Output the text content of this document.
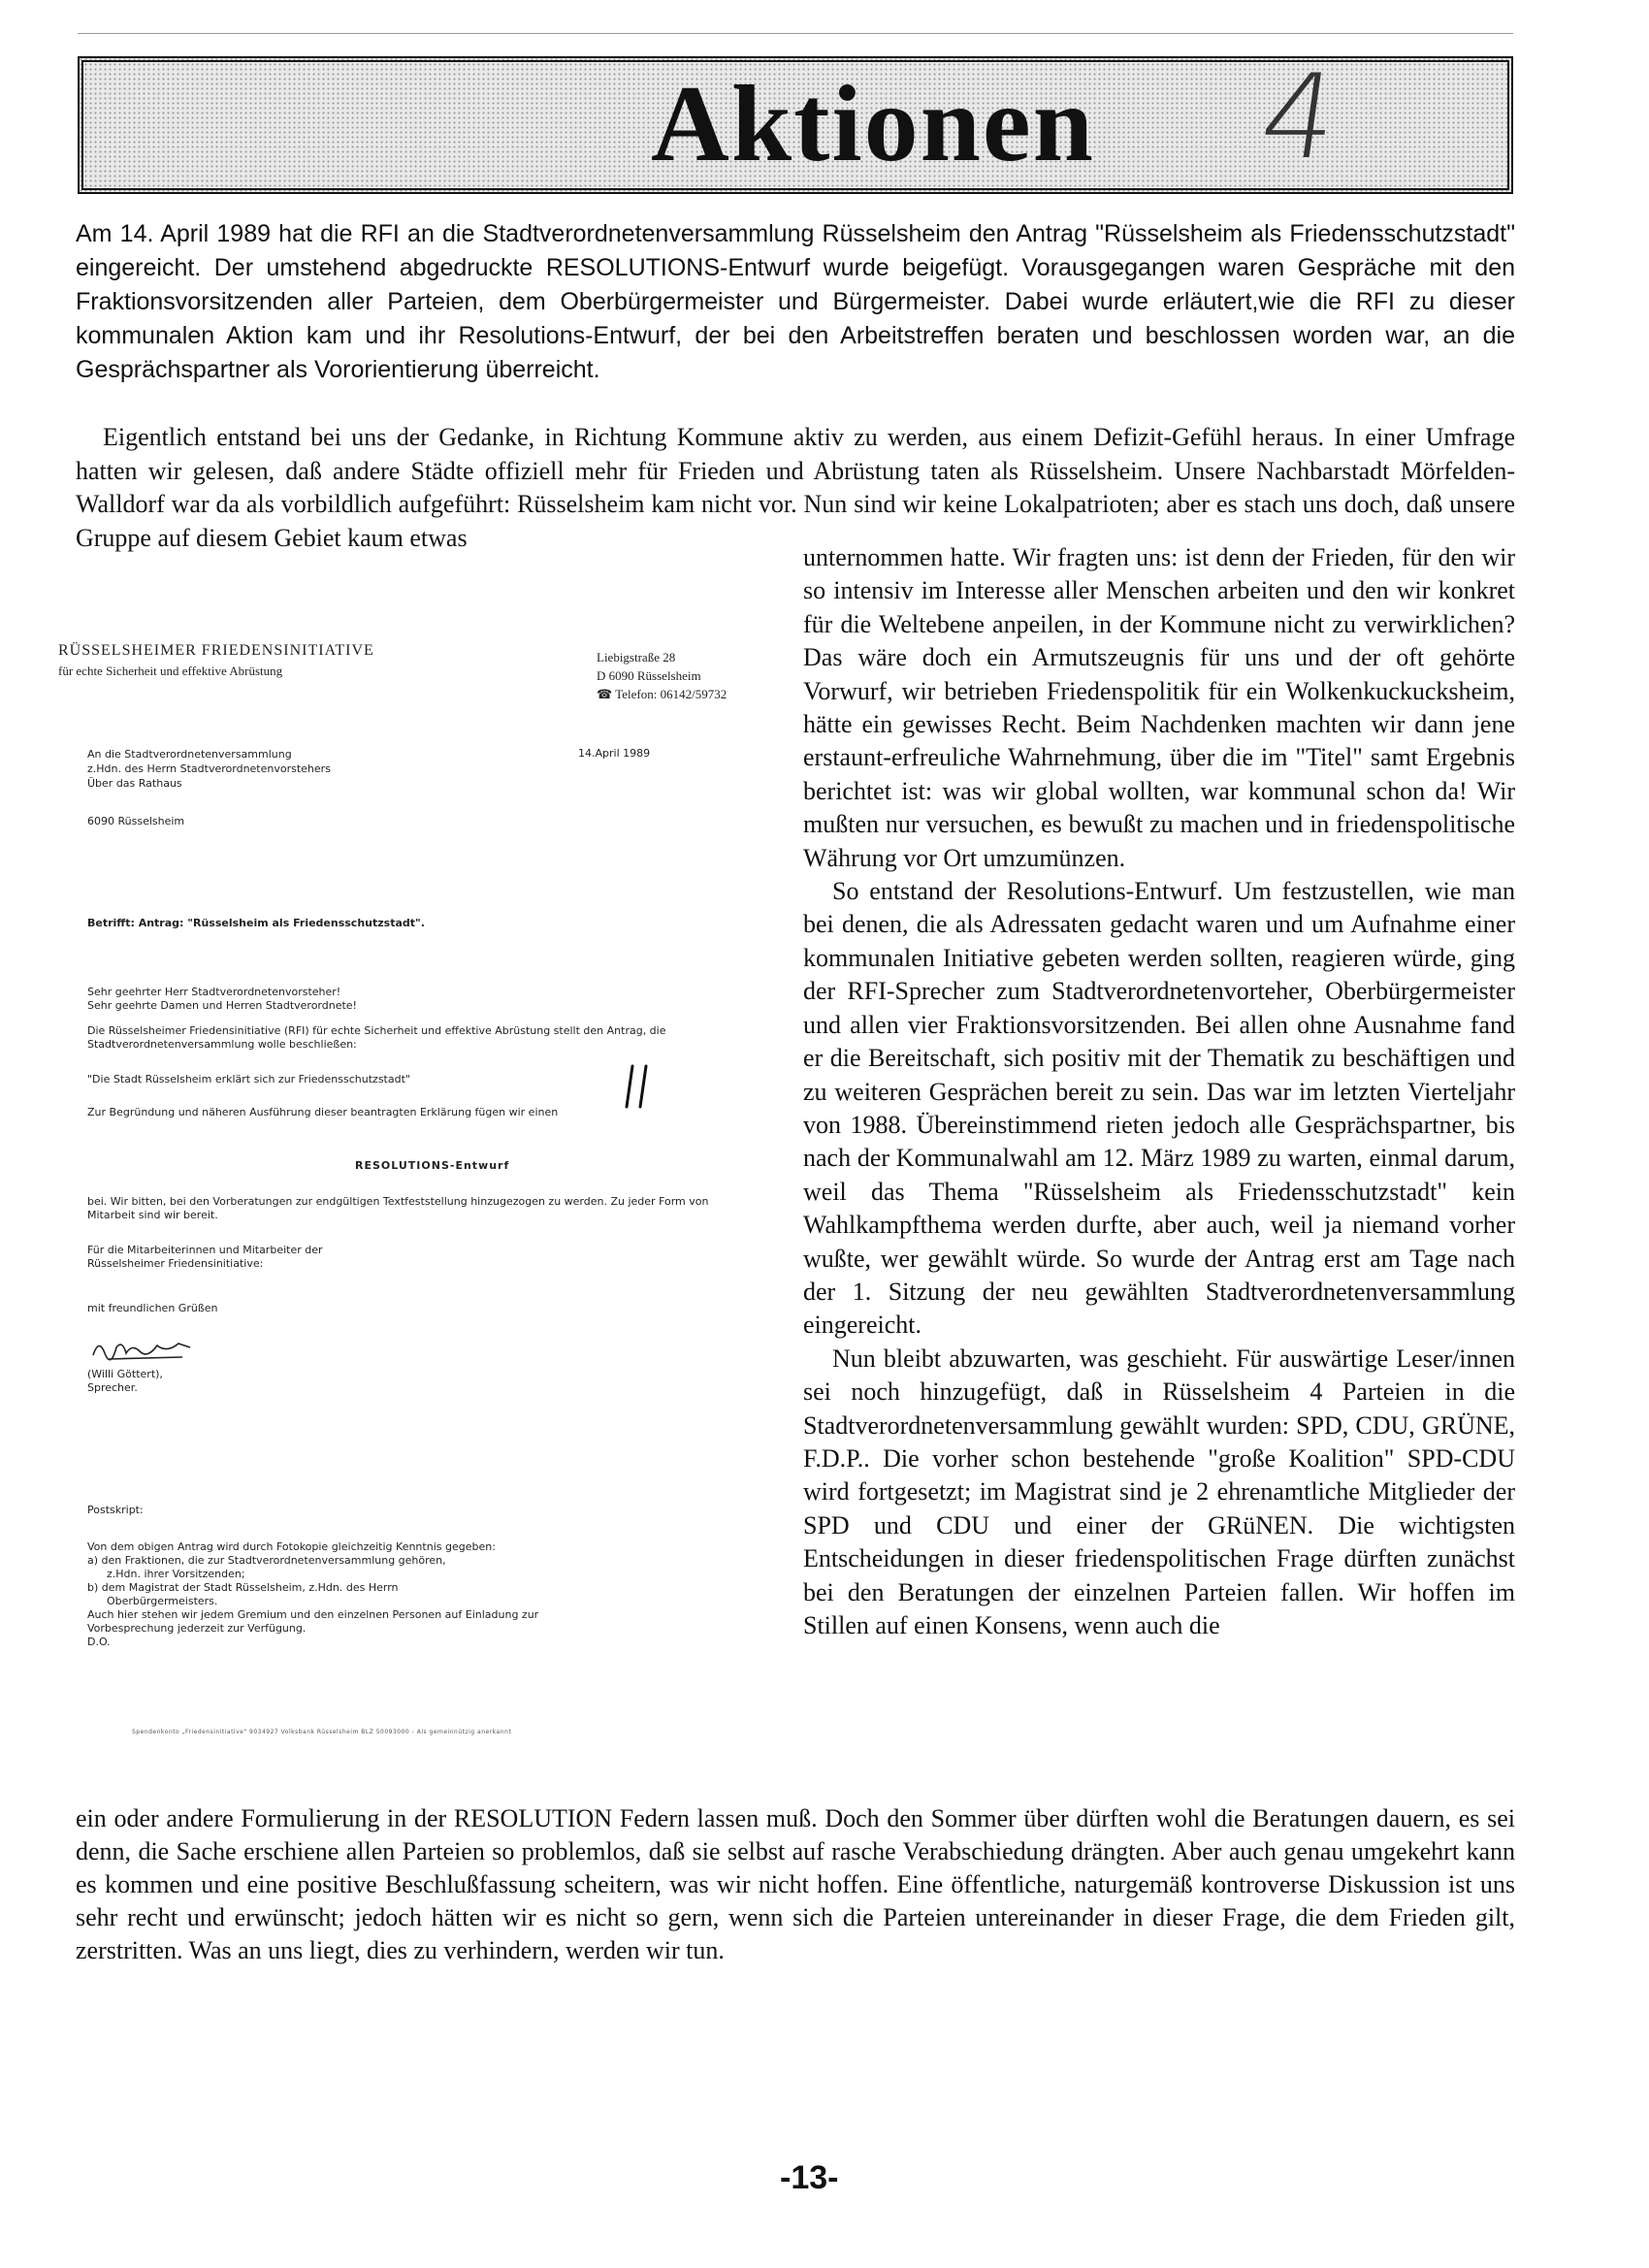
Aktionen 4

Am 14. April 1989 hat die RFI an die Stadtverordnetenversammlung Rüsselsheim den Antrag "Rüsselsheim als Friedensschutzstadt" eingereicht. Der umstehend abgedruckte RESOLUTIONS-Entwurf wurde beigefügt. Vorausgegangen waren Gespräche mit den Fraktionsvorsitzenden aller Parteien, dem Oberbürgermeister und Bürgermeister. Dabei wurde erläutert,wie die RFI zu dieser kommunalen Aktion kam und ihr Resolutions-Entwurf, der bei den Arbeitstreffen beraten und beschlossen worden war, an die Gesprächspartner als Vororientierung überreicht.

Eigentlich entstand bei uns der Gedanke, in Richtung Kommune aktiv zu werden, aus einem Defizit-Gefühl heraus. In einer Umfrage hatten wir gelesen, daß andere Städte offiziell mehr für Frieden und Abrüstung taten als Rüsselsheim. Unsere Nachbarstadt Mörfelden-Walldorf war da als vorbildlich aufgeführt: Rüsselsheim kam nicht vor. Nun sind wir keine Lokalpatrioten; aber es stach uns doch, daß unsere Gruppe auf diesem Gebiet kaum etwas

RÜSSELSHEIMER FRIEDENSINITIATIVE
für echte Sicherheit und effektive Abrüstung
Liebigstraße 28
D 6090 Rüsselsheim
☎ Telefon: 06142/59732
An die Stadtverordnetenversammlung
z.Hdn. des Herrn Stadtverordnetenvorstehers
Über das Rathaus
14.April 1989
6090 Rüsselsheim
Betrifft: Antrag: "Rüsselsheim als Friedensschutzstadt".
Sehr geehrter Herr Stadtverordnetenvorsteher!
Sehr geehrte Damen und Herren Stadtverordnete!
Die Rüsselsheimer Friedensinitiative (RFI) für echte Sicherheit und effektive Abrüstung stellt den Antrag, die Stadtverordnetenversammlung wolle beschließen:
"Die Stadt Rüsselsheim erklärt sich zur Friedensschutzstadt"
Zur Begründung und näheren Ausführung dieser beantragten Erklärung fügen wir einen
RESOLUTIONS-Entwurf
bei. Wir bitten, bei den Vorberatungen zur endgültigen Textfeststellung hinzugezogen zu werden. Zu jeder Form von Mitarbeit sind wir bereit.
Für die Mitarbeiterinnen und Mitarbeiter der
Rüsselsheimer Friedensinitiative:
mit freundlichen Grüßen
(Willi Göttert),
Sprecher.
Postskript:
Von dem obigen Antrag wird durch Fotokopie gleichzeitig Kenntnis gegeben:
a) den Fraktionen, die zur Stadtverordnetenversammlung gehören,
z.Hdn. ihrer Vorsitzenden;
b) dem Magistrat der Stadt Rüsselsheim, z.Hdn. des Herrn
Oberbürgermeisters.
Auch hier stehen wir jedem Gremium und den einzelnen Personen auf Einladung zur
Vorbesprechung jederzeit zur Verfügung.
D.O.
Spendenkonto „Friedensinitiative" 9034927 Volksbank Rüsselsheim BLZ 50093000 - Als gemeinnützig anerkannt

unternommen hatte. Wir fragten uns: ist denn der Frieden, für den wir so intensiv im Interesse aller Menschen arbeiten und den wir konkret für die Weltebene anpeilen, in der Kommune nicht zu verwirklichen? Das wäre doch ein Armutszeugnis für uns und der oft gehörte Vorwurf, wir betrieben Friedenspolitik für ein Wolkenkuckucksheim, hätte ein gewisses Recht. Beim Nachdenken machten wir dann jene erstaunt-erfreuliche Wahrnehmung, über die im "Titel" samt Ergebnis berichtet ist: was wir global wollten, war kommunal schon da! Wir mußten nur versuchen, es bewußt zu machen und in friedenspolitische Währung vor Ort umzumünzen.

So entstand der Resolutions-Entwurf. Um festzustellen, wie man bei denen, die als Adressaten gedacht waren und um Aufnahme einer kommunalen Initiative gebeten werden sollten, reagieren würde, ging der RFI-Sprecher zum Stadtverordnetenvorteher, Oberbürgermeister und allen vier Fraktionsvorsitzenden. Bei allen ohne Ausnahme fand er die Bereitschaft, sich positiv mit der Thematik zu beschäftigen und zu weiteren Gesprächen bereit zu sein. Das war im letzten Vierteljahr von 1988. Übereinstimmend rieten jedoch alle Gesprächspartner, bis nach der Kommunalwahl am 12. März 1989 zu warten, einmal darum, weil das Thema "Rüsselsheim als Friedensschutzstadt" kein Wahlkampfthema werden durfte, aber auch, weil ja niemand vorher wußte, wer gewählt würde. So wurde der Antrag erst am Tage nach der 1. Sitzung der neu gewählten Stadtverordnetenversammlung eingereicht.

Nun bleibt abzuwarten, was geschieht. Für auswärtige Leser/innen sei noch hinzugefügt, daß in Rüsselsheim 4 Parteien in die Stadtverordnetenversammlung gewählt wurden: SPD, CDU, GRÜNE, F.D.P.. Die vorher schon bestehende "große Koalition" SPD-CDU wird fortgesetzt; im Magistrat sind je 2 ehrenamtliche Mitglieder der SPD und CDU und einer der GRüNEN. Die wichtigsten Entscheidungen in dieser friedenspolitischen Frage dürften zunächst bei den Beratungen der einzelnen Parteien fallen. Wir hoffen im Stillen auf einen Konsens, wenn auch die

ein oder andere Formulierung in der RESOLUTION Federn lassen muß. Doch den Sommer über dürften wohl die Beratungen dauern, es sei denn, die Sache erschiene allen Parteien so problemlos, daß sie selbst auf rasche Verabschiedung drängten. Aber auch genau umgekehrt kann es kommen und eine positive Beschlußfassung scheitern, was wir nicht hoffen. Eine öffentliche, naturgemäß kontroverse Diskussion ist uns sehr recht und erwünscht; jedoch hätten wir es nicht so gern, wenn sich die Parteien untereinander in dieser Frage, die dem Frieden gilt, zerstritten. Was an uns liegt, dies zu verhindern, werden wir tun.

-13-
